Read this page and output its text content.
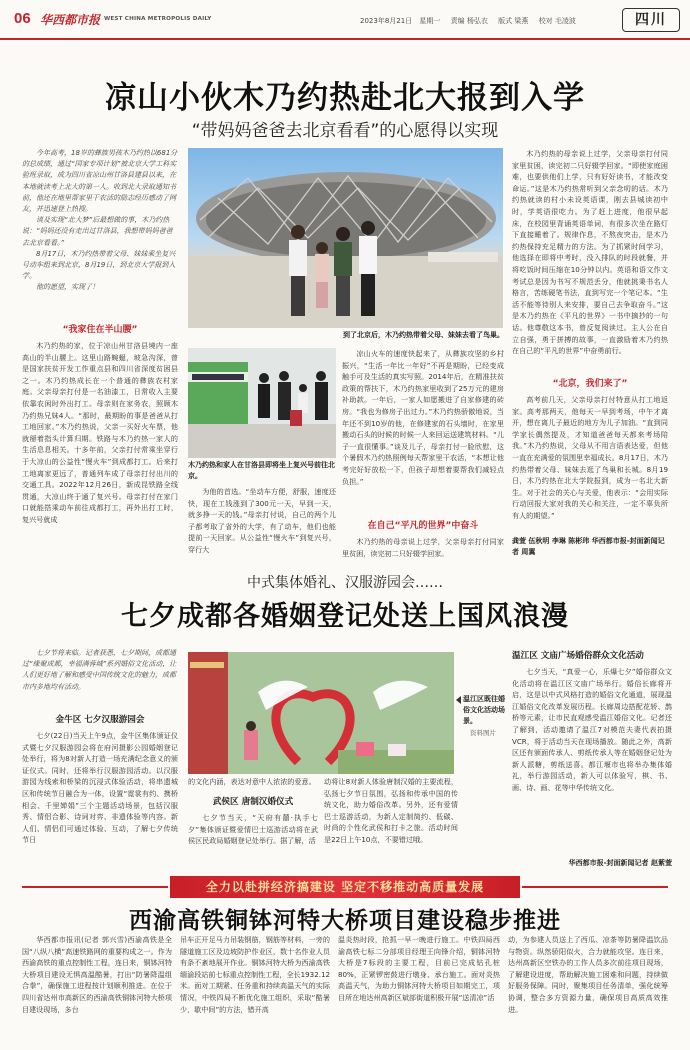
06 华西都市报 WEST CHINA METROPOLIS DAILY	2023年8月21日 星期一 责编 杨弘衣 版式 梁燕 校对 毛凌波	四川
凉山小伙木乃约热赴北大报到入学
“带妈妈爸爸去北京看看”的心愿得以实现

今年高考，18岁的彝族男孩木乃约热以681分的总成绩，通过“国家专项计划”被北京大学工科实验班录取，成为四川省凉山州甘洛县建县以来，在本地就读考上北大的第一人。收到北大录取通知书前，他还在地里帮家里干农活的励志经历感动了网友，并迅速登上热搜。

谈及实现“北大梦”后最想做的事，木乃约热说：“妈妈还没有走出过甘洛县，我想带妈妈爸爸去北京看看。”

8月17日，木乃约热带着父母、妹妹乘坐复兴号动车组来到北京，8月19日，到北京大学报到入学。

他的愿望，实现了！

“我家住在半山腰”

木乃约热的家，位于凉山州甘洛县境内一座高山的半山腰上。这里山路蜿蜒，坡急沟深，曾是国家扶贫开发工作重点县和四川省深度贫困县之一。木乃约热成长在一个普通的彝族农村家庭。父亲母亲打付是一名油漆工，日常收入主要依靠农闲时外出打工。母亲则在家务农，照顾木乃约热兄妹4人。“那时，最期盼的事是爸爸从打工地回家。”木乃约热说，父亲一买好火车票，他就掰着指头计算归期。铁路与木乃约热一家人的生活息息相关。十多年前，父亲打付常乘坐穿行于大凉山的公益性“慢火车”到成都打工。后来打工地离家更远了，普通列车成了母亲打付出川的交通工具。2022年12月26日，新成昆铁路全线贯通，大凉山终于通了复兴号。母亲打付在家门口就能搭乘动车前往成都打工，再外出打工时，复兴号就成

到了北京后，木乃约热带着父母、妹妹去看了鸟巢。
木乃约热和家人在甘洛县即将坐上复兴号前往北京。

为他的首选。“坐动车方便，舒服，速度还快，现在工钱涨到了300元一天，早到一天，就多挣一天的钱。”母亲打付说，自己的两个儿子都考取了省外的大学，有了动车，他们也能提前一天回家。从公益性“慢火车”到复兴号，穿行大

凉山火车的速度快起来了，从彝族攻坚的乡村振兴，“生活一年比一年好”不再是期盼，已经变成触手可及生活的真实写照。2014年后，在精准扶贫政策的帮扶下，木乃约热家里收到了25万元的建房补助款。一年后，一家人如愿搬进了自家修建的砖房。“我也为修房子出过力。”木乃约热骄傲地说，当年还不到10岁的他，在修建家的石头墙时，在家里搬动石头的时候的时候一人来回运送建筑材料。“儿子一直很懂事。”谈及儿子，母亲打付一脸欣慰，这个暑假木乃约热照例每天帮家里干农活，“本想让他考完好好放松一下，但孩子却想着要帮我们减轻点负担。”

在自己“平凡的世界”中奋斗

木乃约热的母亲说上过学，父亲母亲打付同家里贫困，读完初二只好辍学回家。

木乃约热的母亲说上过学，父亲母亲打付同家里贫困，读完初二只好辍学回家。“即使家庭困难，也要供他们上学，只有好好读书，才能改变命运。”这是木乃约热常听到父亲念叨的话。木乃约热就读的村小未设英语课，刚去县城读初中时，学英语很吃力。为了赶上进度，他很早起床，在校园里背诵英语单词，有很多次坐在路灯下直接睡着了。规律作息，不熬夜突击，是木乃约热保持充足精力的方法。为了抓紧时间学习，他选择在即将中考时，没入排队的时段就餐，并将吃饭时间压缩在10分钟以内。英语和语文作文考试总是因为书写不规范丢分，他就挑秉书名人格言，苦练硬笔书法，直到写完一个笔记本。“生活不能等待别人来安排，要自己去争取奋斗。”这是木乃约热在《平凡的世界》一书中摘抄的一句话。他尊敬这本书，曾反复阅读过。主人公在自立自强，勇于拼搏的故事，一直激励着木乃约热在自己的“平凡的世界”中奋勇前行。

“北京，我们来了”

高考前几天，父亲母亲打付特意从打工地返家。高考那两天，他每天一早到考场，中午才离开，想在离儿子最近的地方为儿子加油。“直到同学家长偶然提及，才知道爸爸每天都来考场陪我。”木乃约热说，父母从不用言语表达爱，但他一直在充满爱的氛围里幸福成长。8月17日，木乃约热带着父母、妹妹去逛了鸟巢和长城。8月19日，木乃约热在北大学院报到，成为一名北大新生。对于社会的关心与关爱，他表示：“会用实际行动回报大家对我的关心和关注，一定不辜负所有人的期望。”

龚萱 伍秋明 李琳 陈彬玮 华西都市报-封面新闻记者 周翼
中式集体婚礼、汉服游园会……
七夕成都各婚姻登记处送上国风浪漫

七夕节将来临。记者获悉，七夕期间，成都通过“缘聚成都，幸福满蓉城”系列婚俗文化活动，让人们更好地了解和感受中国传统文化的魅力，成都市内多地均有活动。

金牛区 七夕汉服游园会

七夕(22日)当天上午9点，金牛区集体颁证仪式暨七夕汉服游园会将在府河摄影公园婚姻登记处举行，将为8对新人打造一场充满纪念意义的颁证仪式。同时，还将举行汉服游园活动。以汉服游园为线索和桥梁的沉浸式体验活动，将串遗城区和传统节日融合为一体，设置“霓裳有约、携桥相会、千里婵娟”三个主题活动场景，包括汉服秀、情侣合影、诗词对弈、非遗体验等内容。新人们、情侣们可通过体验、互动，了解七夕传统节日

温江区既往婚俗文化活动场景。
资料图片

的文化内涵，表达对意中人浓浓的爱意。

武侯区 唐制汉婚仪式

七夕节当天，“天府有囍·执手七夕”集体颁证暨爱情巴士巡游活动将在武侯区民政局婚姻登记处举行。据了解，活

动将让8对新人体验唐制汉婚的主要流程，弘扬七夕节日氛围，弘扬和传承中国的传统文化，助力婚俗改革。另外，还有爱情巴士巡游活动，为新人定制简约、低碳、时尚的个性化武侯和打卡之旅。活动时间是22日上午10点，不要错过哦。

温江区 文庙广场婚俗群众文化活动

七夕当天，“真爱一心，乐爆七夕”婚俗群众文化活动将在温江区文庙广场举行。婚俗长廊将开启，这是以中式风格打造的婚俗文化通道，展现温江婚俗文化改革发展历程。长廊周边搭配花轿、鹊桥等元素，让市民直观感受温江婚俗文化。记者还了解到，活动邀请了温江7对模范夫妻代表拍摄VCR，将于活动当天在现场播放。随此之外，高新区还有颁面传承人、剪纸传承人等在婚姻登记处为新人派糖，剪纸送喜。都江堰市也将举办集体婚礼，举行游园活动，新人可以体验写，棋、书、画、诗、画、花等中华传统文化。

华西都市报-封面新闻记者 赵紫萱
全力以赴拼经济搞建设 坚定不移推动高质量发展
西渝高铁铜钵河特大桥项目建设稳步推进

华西都市报讯(记者 郭兴雪)西渝高铁是全国“八纵八横”高速铁路网的重要构成之一。作为西渝高铁的重点控制性工程，连日来，铜钵河特大桥项目建设无惧高温酷暑，打出“防暑降温组合拳”，确保施工进程按计划顺利推进。在位于四川省达州市高新区的西渝高铁铜钵河特大桥项目建设现场，多台

吊车正开足马力吊装钢筋，钢筋等材料，一旁的隧道施工区及边坡防护作业区，数十名作业人员有条不紊地展开作业。铜钵河特大桥为西渝高铁缅渝段站前七标重点控制性工程，全长1932.12米。面对工期紧、任务重和持续高温天气的实际情况，中铁四局不断优化施工组织，采取“酷暑少，歇中间”的方法，错开高

温炎热时段，抢抓一早一晚进行施工。中铁四局西渝高铁七标二分部项目经理王向锋介绍，铜钵河特大桥是7标段的主要工程，目前已完成钻孔桩80%，正紧锣密鼓进行墩身、承台施工。面对炎热高温天气，为助力铜钵河特大桥项目如期完工，项目所在地达州高新区斌部街道积极开展“送清凉”活

动，为参建人员送上了西瓜、凉茶等防暑降温饮品与物资。纵然骄阳似火，合力就能攻坚。连日来，达州高新区空铁办的工作人员多次前往项目现场，了解建设进度，帮助解决施工困难和问题，持续做好服务保障。同时，聚集项目任务清单，强化统筹协调，整合多方资源力量，确保项目高质高效推进。
